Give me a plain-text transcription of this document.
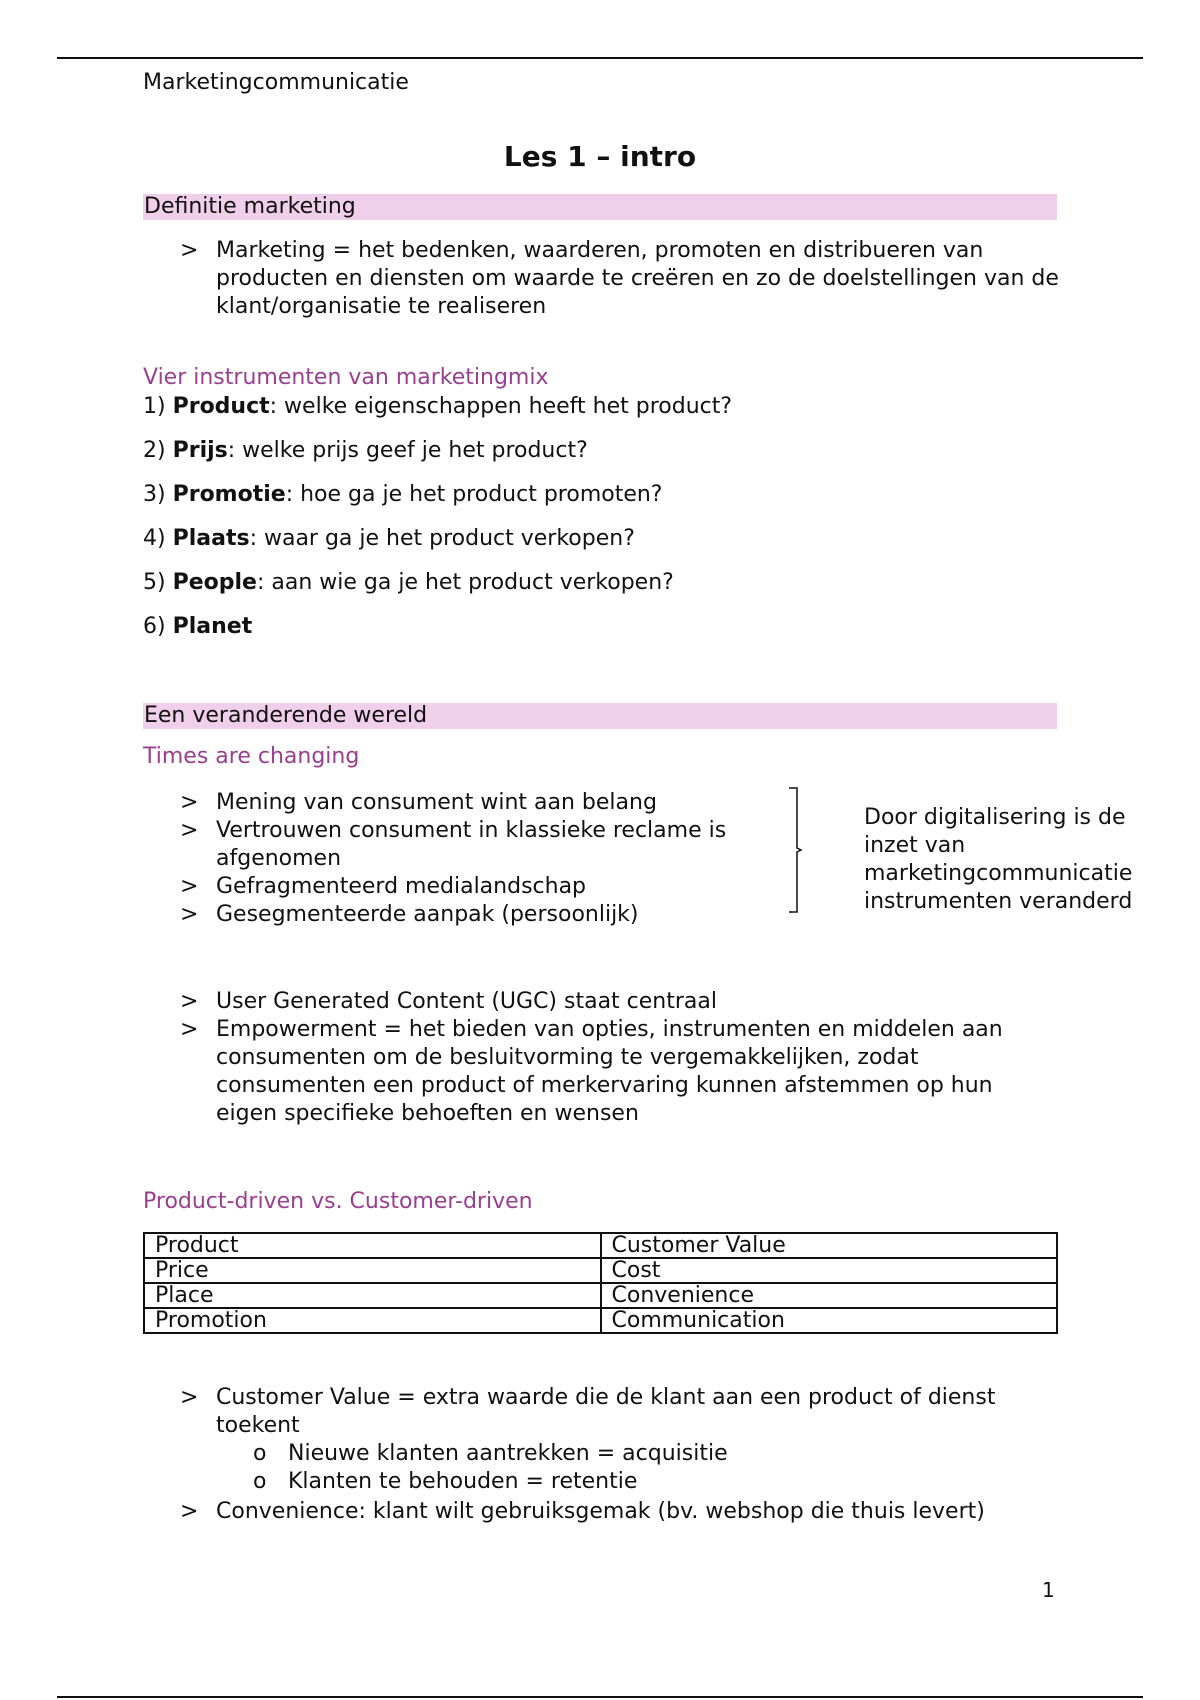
Marketingcommunicatie
Les 1 – intro
Definitie marketing
> Marketing = het bedenken, waarderen, promoten en distribueren van producten en diensten om waarde te creëren en zo de doelstellingen van de klant/organisatie te realiseren
Vier instrumenten van marketingmix
1) Product: welke eigenschappen heeft het product?
2) Prijs: welke prijs geef je het product?
3) Promotie: hoe ga je het product promoten?
4) Plaats: waar ga je het product verkopen?
5) People: aan wie ga je het product verkopen?
6) Planet
Een veranderende wereld
Times are changing
> Mening van consument wint aan belang
> Vertrouwen consument in klassieke reclame is afgenomen
> Gefragmenteerd medialandschap
> Gesegmenteerde aanpak (persoonlijk)
Door digitalisering is de inzet van marketingcommunicatie instrumenten veranderd
> User Generated Content (UGC) staat centraal
> Empowerment = het bieden van opties, instrumenten en middelen aan consumenten om de besluitvorming te vergemakkelijken, zodat consumenten een product of merkervaring kunnen afstemmen op hun eigen specifieke behoeften en wensen
Product-driven vs. Customer-driven
Product	Customer Value
Price	Cost
Place	Convenience
Promotion	Communication
> Customer Value = extra waarde die de klant aan een product of dienst toekent
o Nieuwe klanten aantrekken = acquisitie
o Klanten te behouden = retentie
> Convenience: klant wilt gebruiksgemak (bv. webshop die thuis levert)
1
